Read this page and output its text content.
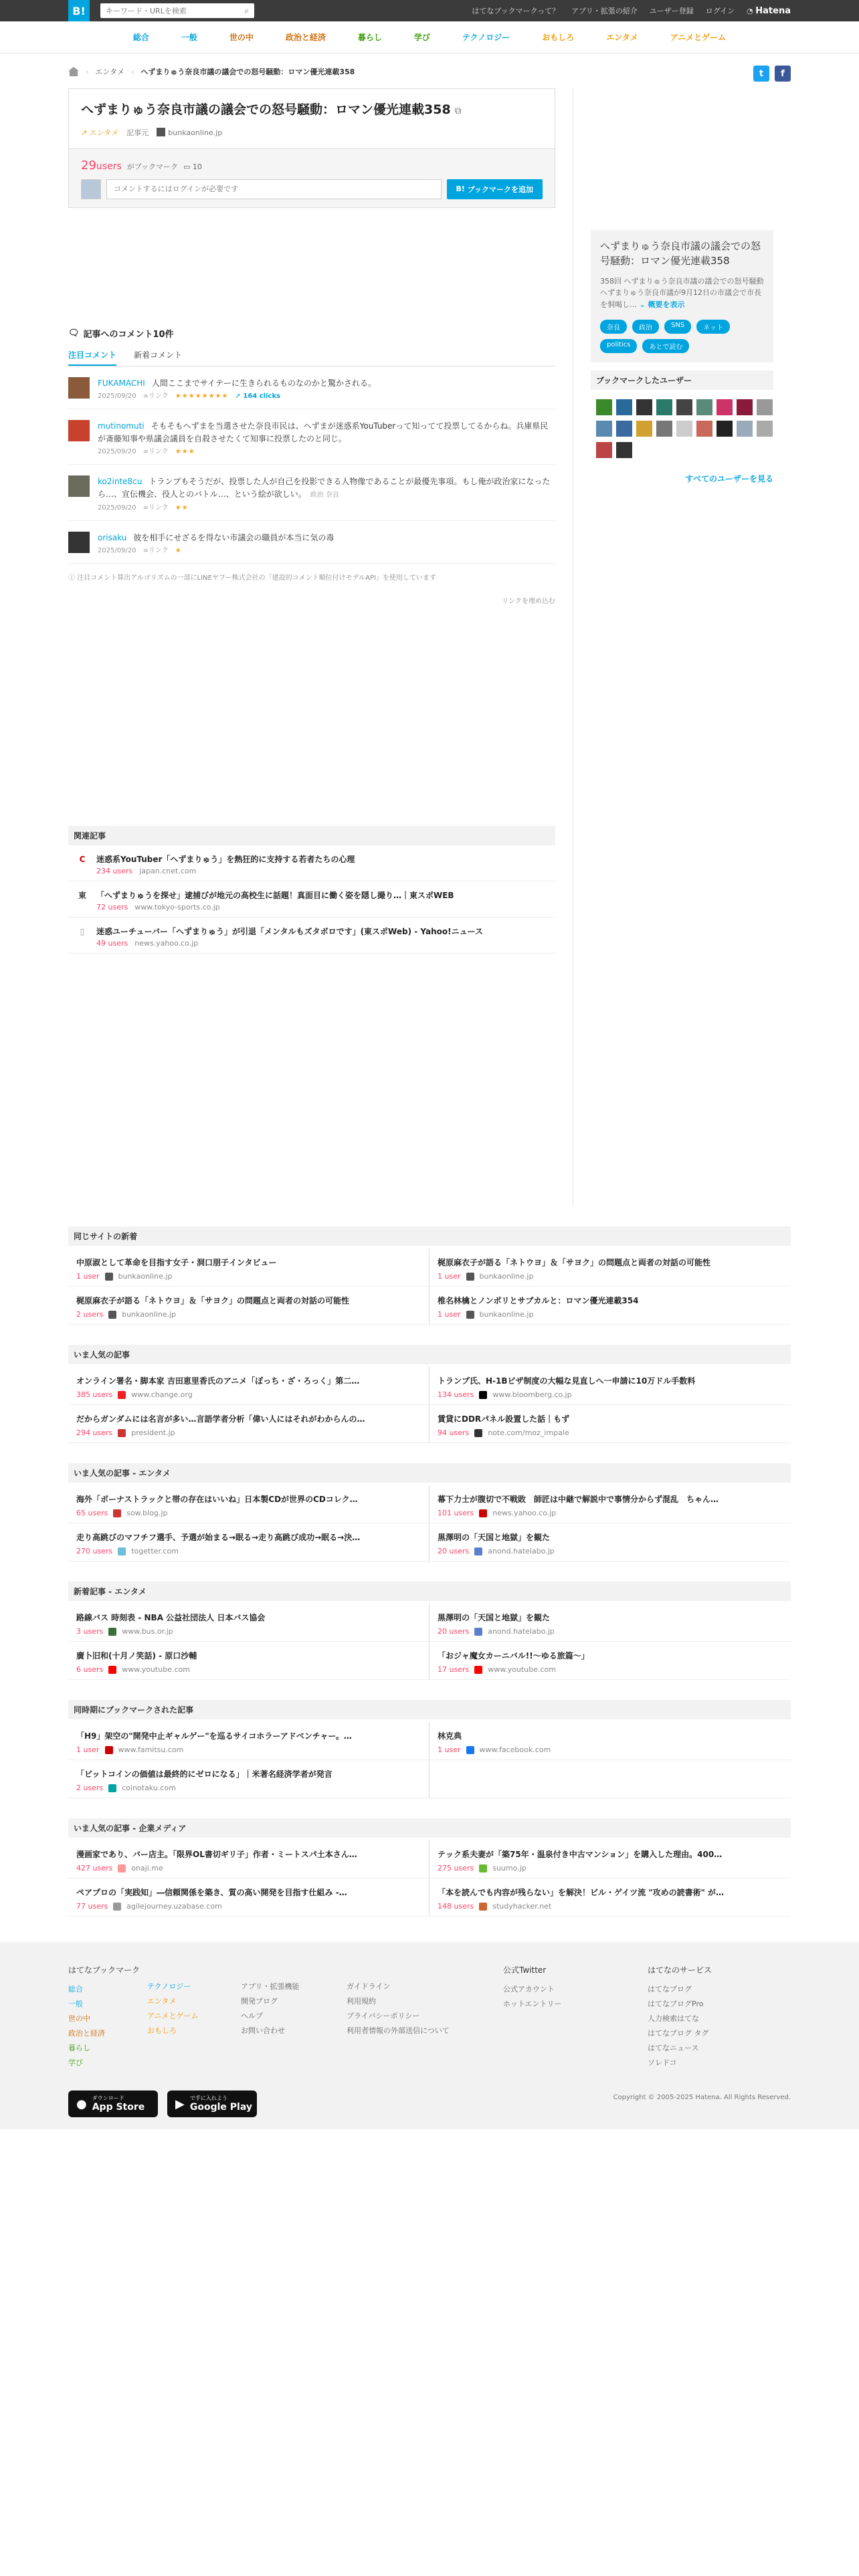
B!
キーワード・URLを検索	⌕	はてなブックマークって？ アプリ・拡張の紹介 ユーザー登録 ログイン ◔ Hatena
総合	一般	世の中	政治と経済	暮らし	学び	テクノロジー	おもしろ	エンタメ	アニメとゲーム
› エンタメ › へずまりゅう奈良市議の議会での怒号騒動：ロマン優光連載358	t	f
へずまりゅう奈良市議の議会での怒号騒動：ロマン優光連載358 ⧉
↗ エンタメ 記事元	bunkaonline.jp
29users がブックマーク ▭ 10
コメントするにはログインが必要です
B! ブックマークを追加
🗨 記事へのコメント10件
注目コメント 新着コメント
FUKAMACHI 人間ここまでサイテーに生きられるものなのかと驚かされる。
2025/09/20 ∞リンク ★★★★★★★★ ➚ 164 clicks
mutinomuti そもそもヘずまを当選させた奈良市民は、ヘずまが迷惑系YouTuberって知ってて投票してるからね。兵庫県民が斎藤知事や県議会議員を自殺させたくて知事に投票したのと同じ。
2025/09/20 ∞リンク ★★★
ko2inte8cu トランプもそうだが、投票した人が自己を投影できる人物像であることが最優先事項。もし俺が政治家になったら…、宣伝機会、役人とのバトル…、という絵が欲しい。 政治 奈良
2025/09/20 ∞リンク ★★
orisaku 彼を相手にせざるを得ない市議会の職員が本当に気の毒
2025/09/20 ∞リンク ★
ⓘ 注目コメント算出アルゴリズムの一部にLINEヤフー株式会社の「建設的コメント順位付けモデルAPI」を使用しています
リンクを埋め込む
関連記事
C 迷惑系YouTuber「へずまりゅう」を熱狂的に支持する若者たちの心理
234 users japan.cnet.com
東 「へずまりゅうを探せ」逮捕びが地元の高校生に話題！真面目に働く姿を隠し撮り…｜東スポWEB
72 users www.tokyo-sports.co.jp
▯	迷惑ユーチューバー「へずまりゅう」が引退「メンタルもズタボロです」(東スポWeb) - Yahoo!ニュース
49 users news.yahoo.co.jp
へずまりゅう奈良市議の議会での怒号騒動：ロマン優光連載358

358回 へずまりゅう奈良市議の議会での怒号騒動 へずまりゅう奈良市議が9月12日の市議会で市長を恫喝し… ⌄ 概要を表示

奈良	政治	SNS	ネット
politics	あとで読む
ブックマークしたユーザー
すべてのユーザーを見る
同じサイトの新着
中原淑として革命を目指す女子・洞口朋子インタビュー
1 user	bunkaonline.jp
梶原麻衣子が語る「ネトウヨ」＆「サヨク」の問題点と両者の対話の可能性
1 user	bunkaonline.jp
梶原麻衣子が語る「ネトウヨ」＆「サヨク」の問題点と両者の対話の可能性
2 users	bunkaonline.jp
椎名林檎とノンポリとサブカルと：ロマン優光連載354
1 user	bunkaonline.jp
いま人気の記事
オンライン署名・脚本家 吉田恵里香氏のアニメ「ぼっち・ざ・ろっく」第二…
385 users	www.change.org
トランプ氏、H-1Bビザ制度の大幅な見直しへ一申請に10万ドル手数料
134 users	www.bloomberg.co.jp
だからガンダムには名言が多い…言語学者分析「偉い人にはそれがわからんの…
294 users	president.jp
賃貸にDDRパネル設置した話｜もず
94 users	note.com/moz_impale
いま人気の記事 - エンタメ
海外「ボーナストラックと帯の存在はいいね」日本製CDが世界のCDコレク…
65 users	sow.blog.jp
幕下力士が腹切で不戦敗　師匠は中継で解説中で事情分からず混乱　ちゃん…
101 users	news.yahoo.co.jp
走り高跳びのマフチフ選手、予選が始まる→眠る→走り高跳び成功→眠る→決…
270 users	togetter.com
黒澤明の「天国と地獄」を観た
20 users	anond.hatelabo.jp
新着記事 - エンタメ
路線バス 時刻表 - NBA 公益社団法人 日本バス協会
3 users	www.bus.or.jp
黒澤明の「天国と地獄」を観た
20 users	anond.hatelabo.jp
廣卜旧和(十月ノ笑話) - 原口沙輔
6 users	www.youtube.com
「おジャ魔女カーニバル!!〜ゆる旅篇〜」
17 users	www.youtube.com
同時期にブックマークされた記事
「H9」架空の"開発中止ギャルゲー"を巡るサイコホラーアドベンチャー。…
1 user	www.famitsu.com
林克典
1 user	www.facebook.com
「ビットコインの価値は最終的にゼロになる」｜米著名経済学者が発言
2 users	coinotaku.com
いま人気の記事 - 企業メディア
漫画家であり、バー店主。「限界OL書切ギリ子」作者・ミートスパ土本さん…
427 users	onaji.me
テック系夫妻が「築75年・温泉付き中古マンション」を購入した理由。400…
275 users	suumo.jp
ペアプロの「実践知」―信頼関係を築き、質の高い開発を目指す仕組み -…
77 users	agilejourney.uzabase.com
「本を読んでも内容が残らない」を解決！ビル・ゲイツ流 "攻めの読書術" が…
148 users	studyhacker.net
はてなブックマーク
総合
一般
世の中
政治と経済
暮らし
学び
テクノロジー
エンタメ
アニメとゲーム
おもしろ
アプリ・拡張機能
開発ブログ
ヘルプ
お問い合わせ
ガイドライン
利用規約
プライバシーポリシー
利用者情報の外部送信について
公式Twitter
公式アカウント
ホットエントリー
はてなのサービス
はてなブログ
はてなブログPro
人力検索はてな
はてなブログ タグ
はてなニュース
ソレドコ
● ダウンロード
App Store	▶ で手に入れよう
Google Play
Copyright © 2005-2025 Hatena. All Rights Reserved.
